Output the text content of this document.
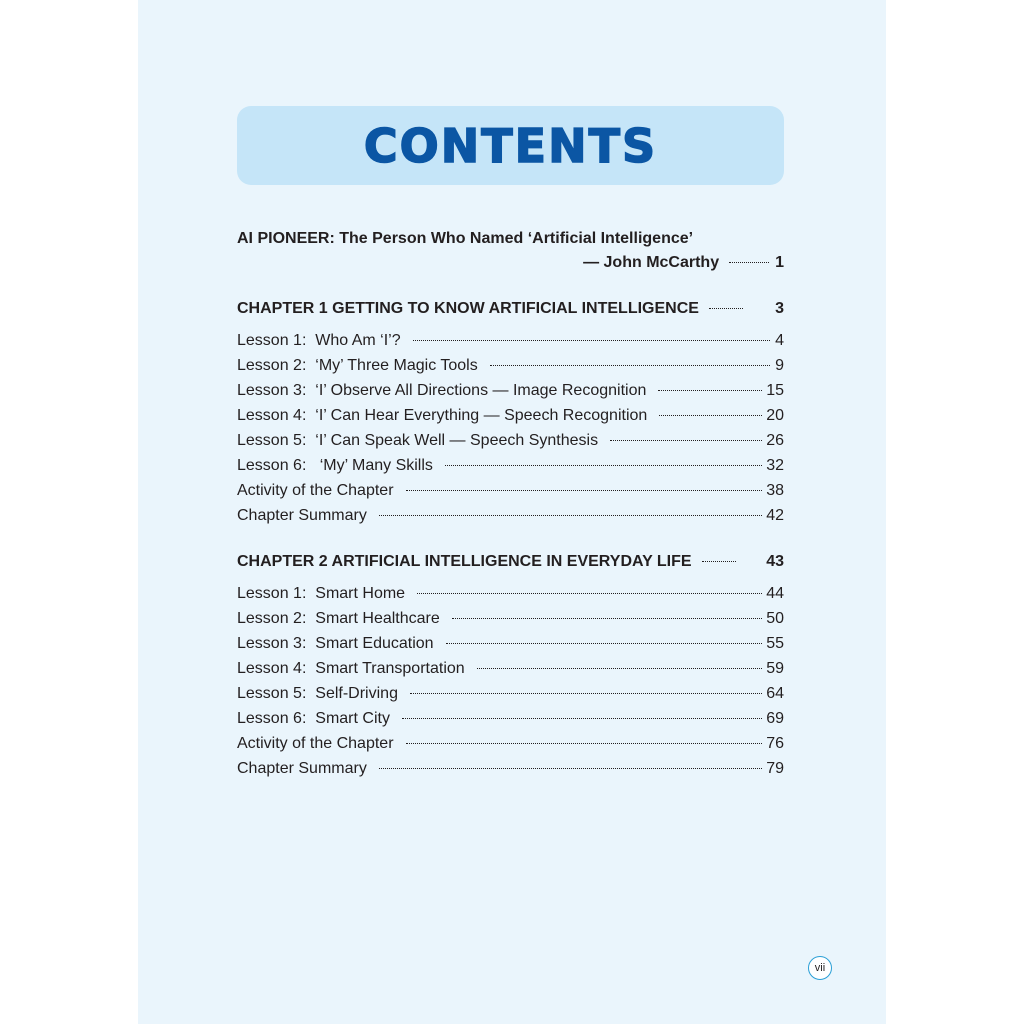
CONTENTS
AI PIONEER: The Person Who Named ‘Artificial Intelligence’
— John McCarthy	1
CHAPTER 1 GETTING TO KNOW ARTIFICIAL INTELLIGENCE	3
Lesson 1:  Who Am ‘I’?	4
Lesson 2:  ‘My’ Three Magic Tools	9
Lesson 3:  ‘I’ Observe All Directions — Image Recognition	15
Lesson 4:  ‘I’ Can Hear Everything — Speech Recognition	20
Lesson 5:  ‘I’ Can Speak Well — Speech Synthesis	26
Lesson 6:   ‘My’ Many Skills	32
Activity of the Chapter	38
Chapter Summary	42
CHAPTER 2 ARTIFICIAL INTELLIGENCE IN EVERYDAY LIFE	43
Lesson 1:  Smart Home	44
Lesson 2:  Smart Healthcare	50
Lesson 3:  Smart Education	55
Lesson 4:  Smart Transportation	59
Lesson 5:  Self-Driving	64
Lesson 6:  Smart City	69
Activity of the Chapter	76
Chapter Summary	79
vii
